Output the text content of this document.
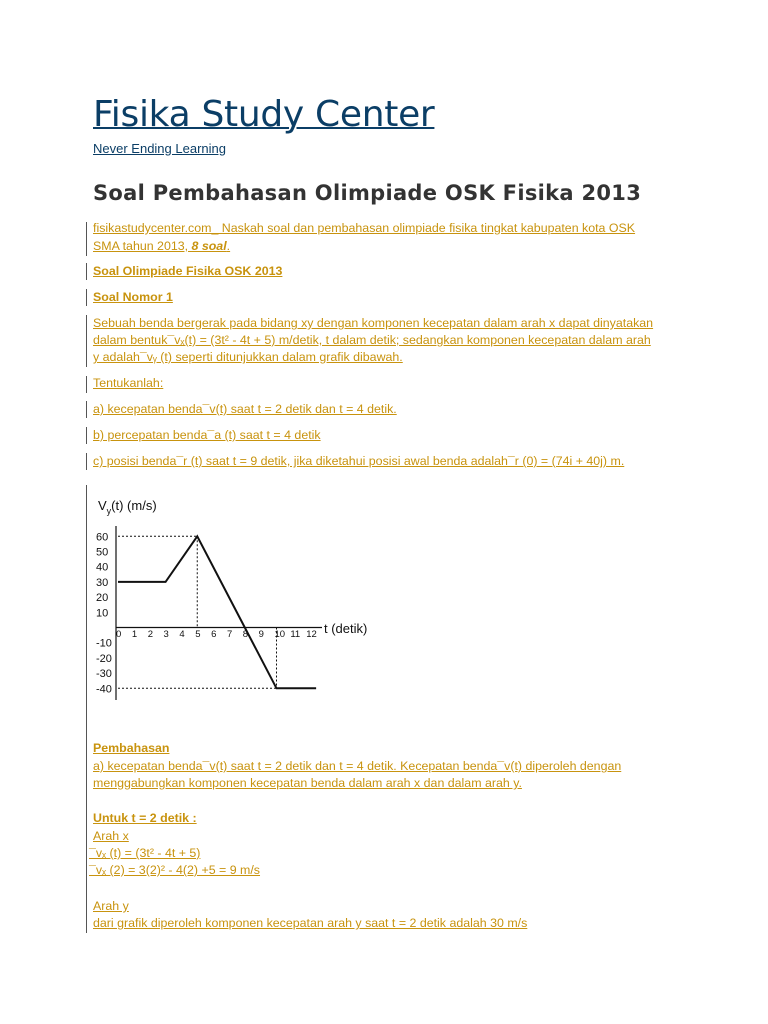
Fisika Study Center
Never Ending Learning
Soal Pembahasan Olimpiade OSK Fisika 2013
fisikastudycenter.com_ Naskah soal dan pembahasan olimpiade fisika tingkat kabupaten kota OSK
SMA tahun 2013, 8 soal.
Soal Olimpiade Fisika OSK 2013
Soal Nomor 1
Sebuah benda bergerak pada bidang xy dengan komponen kecepatan dalam arah x dapat dinyatakan
dalam bentuk¯vₓ(t) = (3t² - 4t + 5) m/detik, t dalam detik; sedangkan komponen kecepatan dalam arah
y adalah¯vᵧ (t) seperti ditunjukkan dalam grafik dibawah.
Tentukanlah:
a) kecepatan benda¯v(t) saat t = 2 detik dan t = 4 detik.
b) percepatan benda¯a (t) saat t = 4 detik
c) posisi benda¯r (t) saat t = 9 detik, jika diketahui posisi awal benda adalah¯r (0) = (74i + 40j) m.
$V_y(t)$ (m/s)
t (detik)
60
50
40
30
20
10
-10
-20
-30
-40
0 1 2 3 4 5 6 7 8 9 10 11 12
Pembahasan
a) kecepatan benda¯v(t) saat t = 2 detik dan t = 4 detik. Kecepatan benda¯v(t) diperoleh dengan
menggabungkan komponen kecepatan benda dalam arah x dan dalam arah y.
Untuk t = 2 detik :
Arah x
¯vₓ (t) = (3t² - 4t + 5)
¯vₓ (2) = 3(2)² - 4(2) +5 = 9 m/s
Arah y
dari grafik diperoleh komponen kecepatan arah y saat t = 2 detik adalah 30 m/s
